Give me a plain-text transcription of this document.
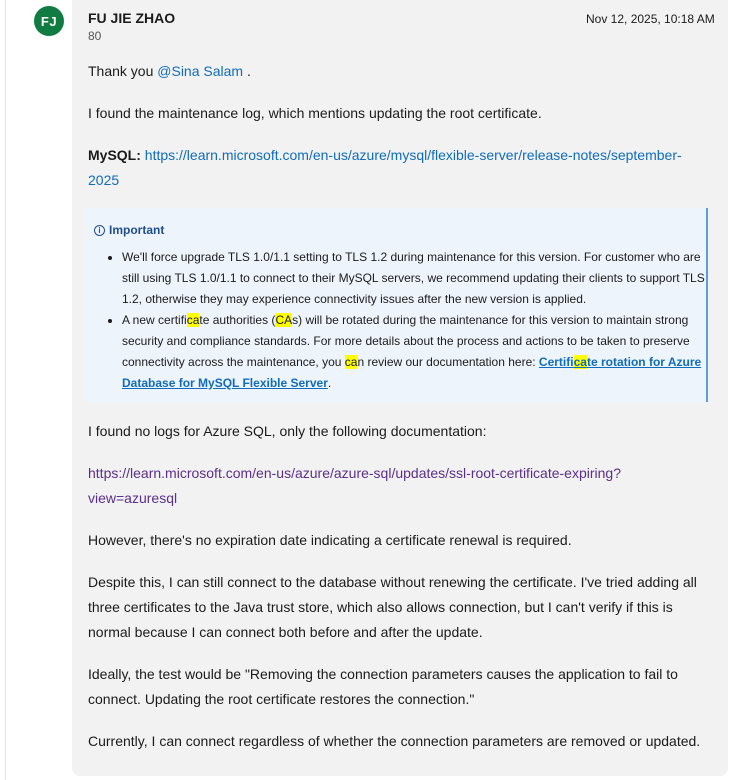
FJ	FU JIE ZHAO
80
Nov 12, 2025, 10:18 AM

Thank you @Sina Salam .

I found the maintenance log, which mentions updating the root certificate.

MySQL: https://learn.microsoft.com/en-us/azure/mysql/flexible-server/release-notes/september-2025

i Important
• We'll force upgrade TLS 1.0/1.1 setting to TLS 1.2 during maintenance for this version. For customer who are still using TLS 1.0/1.1 to connect to their MySQL servers, we recommend updating their clients to support TLS 1.2, otherwise they may experience connectivity issues after the new version is applied.
• A new certificate authorities (CAs) will be rotated during the maintenance for this version to maintain strong security and compliance standards. For more details about the process and actions to be taken to preserve connectivity across the maintenance, you can review our documentation here: Certificate rotation for Azure Database for MySQL Flexible Server.

I found no logs for Azure SQL, only the following documentation:

https://learn.microsoft.com/en-us/azure/azure-sql/updates/ssl-root-certificate-expiring?view=azuresql

However, there's no expiration date indicating a certificate renewal is required.

Despite this, I can still connect to the database without renewing the certificate. I've tried adding all three certificates to the Java trust store, which also allows connection, but I can't verify if this is normal because I can connect both before and after the update.

Ideally, the test would be "Removing the connection parameters causes the application to fail to connect. Updating the root certificate restores the connection."

Currently, I can connect regardless of whether the connection parameters are removed or updated.
